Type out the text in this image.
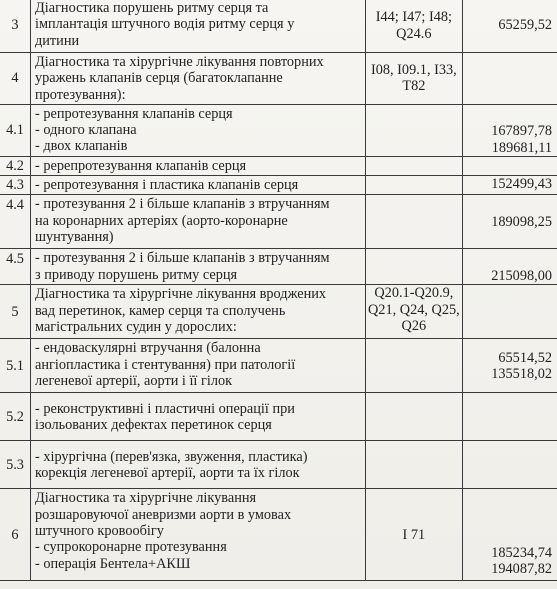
3	Діагностика порушень ритму серця та
імплантація штучного водія ритму серця у
дитини	I44; I47; I48;
Q24.6	65259,52

4	Діагностика та хірургічне лікування повторних
уражень клапанів серця (багатоклапанне
протезування):	I08, I09.1, I33,
T82	

4.1	- репротезування клапанів серця
- одного клапана
- двох клапанів		167897,78
189681,11

4.2	- ререпротезування клапанів серця		

4.3	- репротезування і пластика клапанів серця		152499,43

4.4	- протезування 2 і більше клапанів з втручанням
на коронарних артеріях (аорто-коронарне
шунтування)		189098,25

4.5	- протезування 2 і більше клапанів з втручанням
з приводу порушень ритму серця		215098,00

5	Діагностика та хірургічне лікування вроджених
вад перетинок, камер серця та сполучень
магістральних судин у дорослих:	Q20.1-Q20.9,
Q21, Q24, Q25,
Q26	

5.1	- ендоваскулярні втручання (балонна
ангіопластика і стентування) при патології
легеневої артерії, аорти і її гілок		65514,52
135518,02

5.2	- реконструктивні і пластичні операції при
ізольованих дефектах перетинок серця		

5.3	- хірургічна (перев'язка, звуження, пластика)
корекція легеневої артерії, аорти та їх гілок		

6	Діагностика та хірургічне лікування
розшаровуючої аневризми аорти в умовах
штучного кровообігу
- супрокоронарне протезування
- операція Бентела+АКШ	I 71	185234,74
194087,82
